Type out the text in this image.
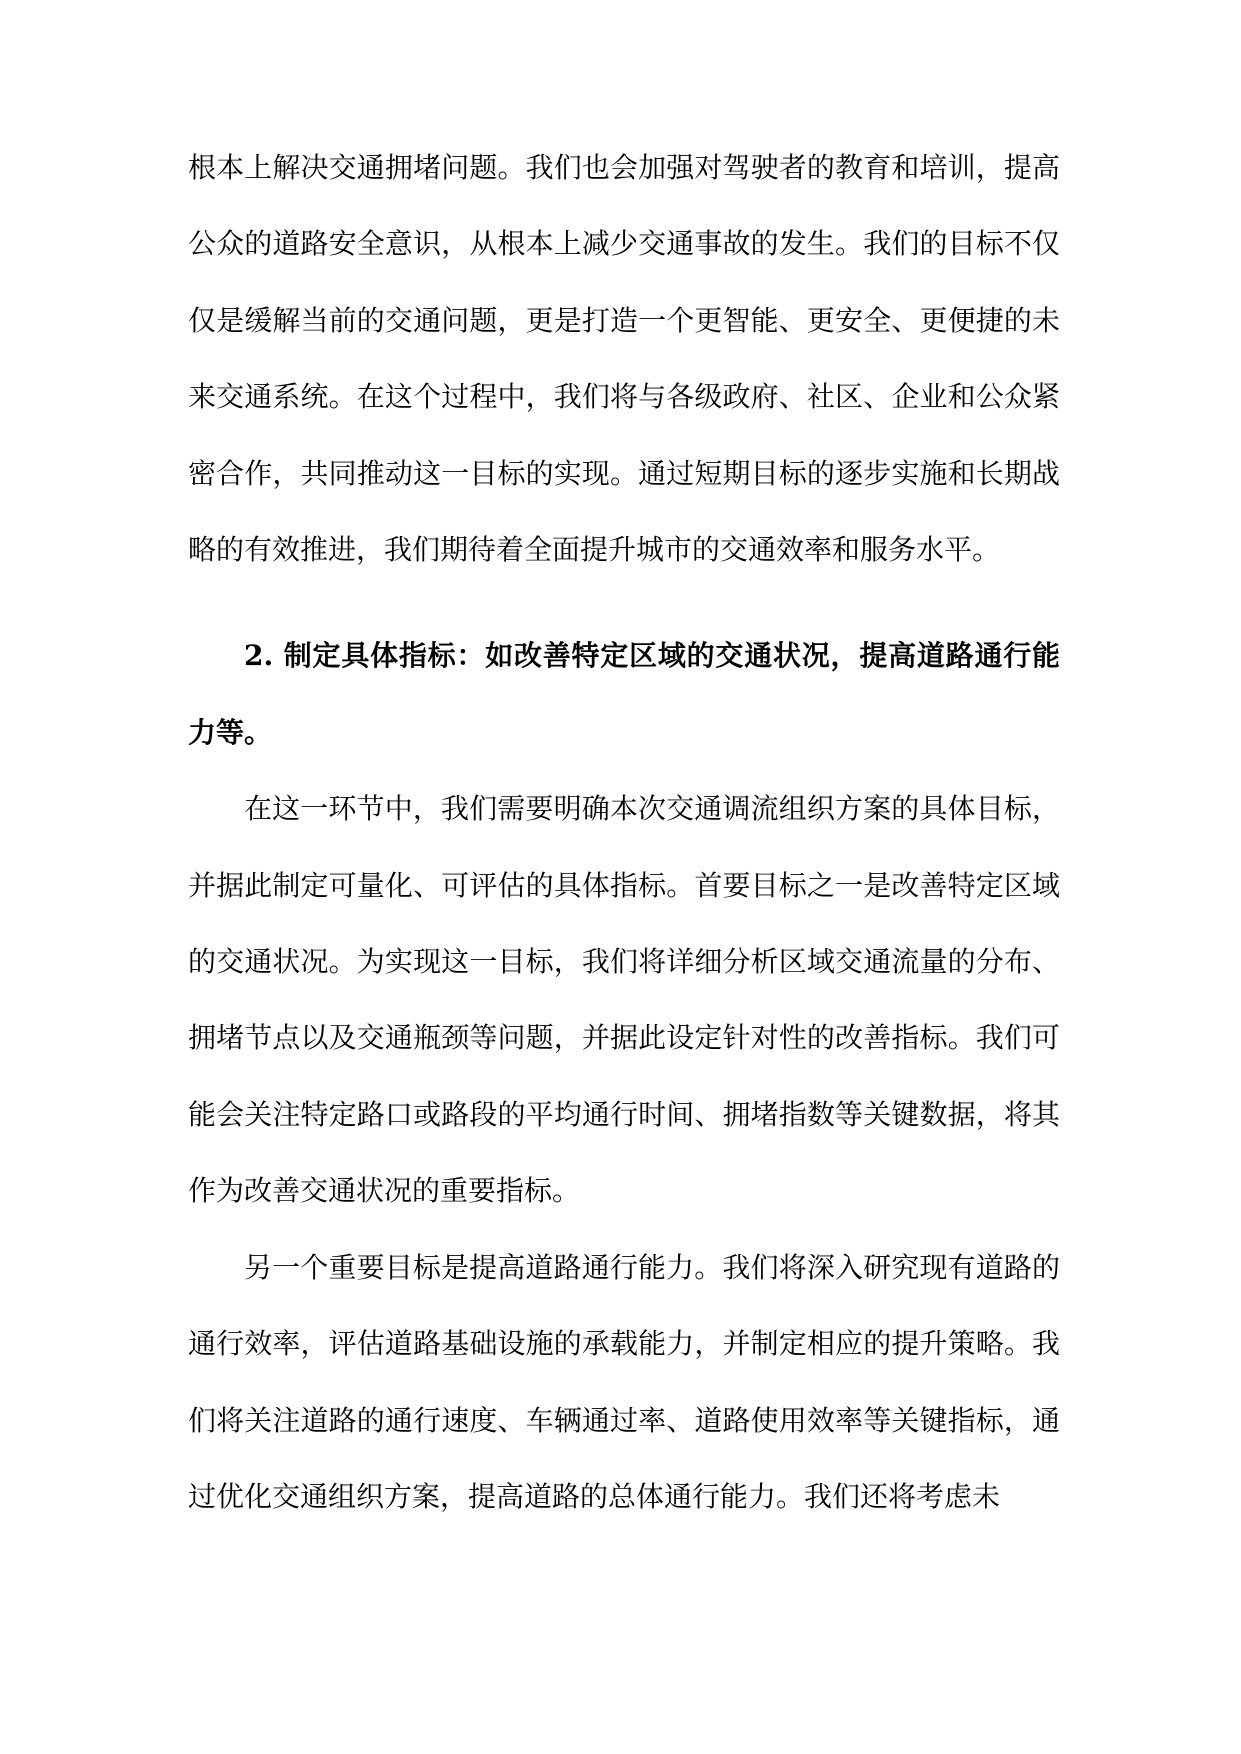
根本上解决交通拥堵问题。我们也会加强对驾驶者的教育和培训，提高公众的道路安全意识，从根本上减少交通事故的发生。我们的目标不仅仅是缓解当前的交通问题，更是打造一个更智能、更安全、更便捷的未来交通系统。在这个过程中，我们将与各级政府、社区、企业和公众紧密合作，共同推动这一目标的实现。通过短期目标的逐步实施和长期战略的有效推进，我们期待着全面提升城市的交通效率和服务水平。

2. 制定具体指标：如改善特定区域的交通状况，提高道路通行能力等。

在这一环节中，我们需要明确本次交通调流组织方案的具体目标，并据此制定可量化、可评估的具体指标。首要目标之一是改善特定区域的交通状况。为实现这一目标，我们将详细分析区域交通流量的分布、拥堵节点以及交通瓶颈等问题，并据此设定针对性的改善指标。我们可能会关注特定路口或路段的平均通行时间、拥堵指数等关键数据，将其作为改善交通状况的重要指标。

另一个重要目标是提高道路通行能力。我们将深入研究现有道路的通行效率，评估道路基础设施的承载能力，并制定相应的提升策略。我们将关注道路的通行速度、车辆通过率、道路使用效率等关键指标，通过优化交通组织方案，提高道路的总体通行能力。我们还将考虑未
